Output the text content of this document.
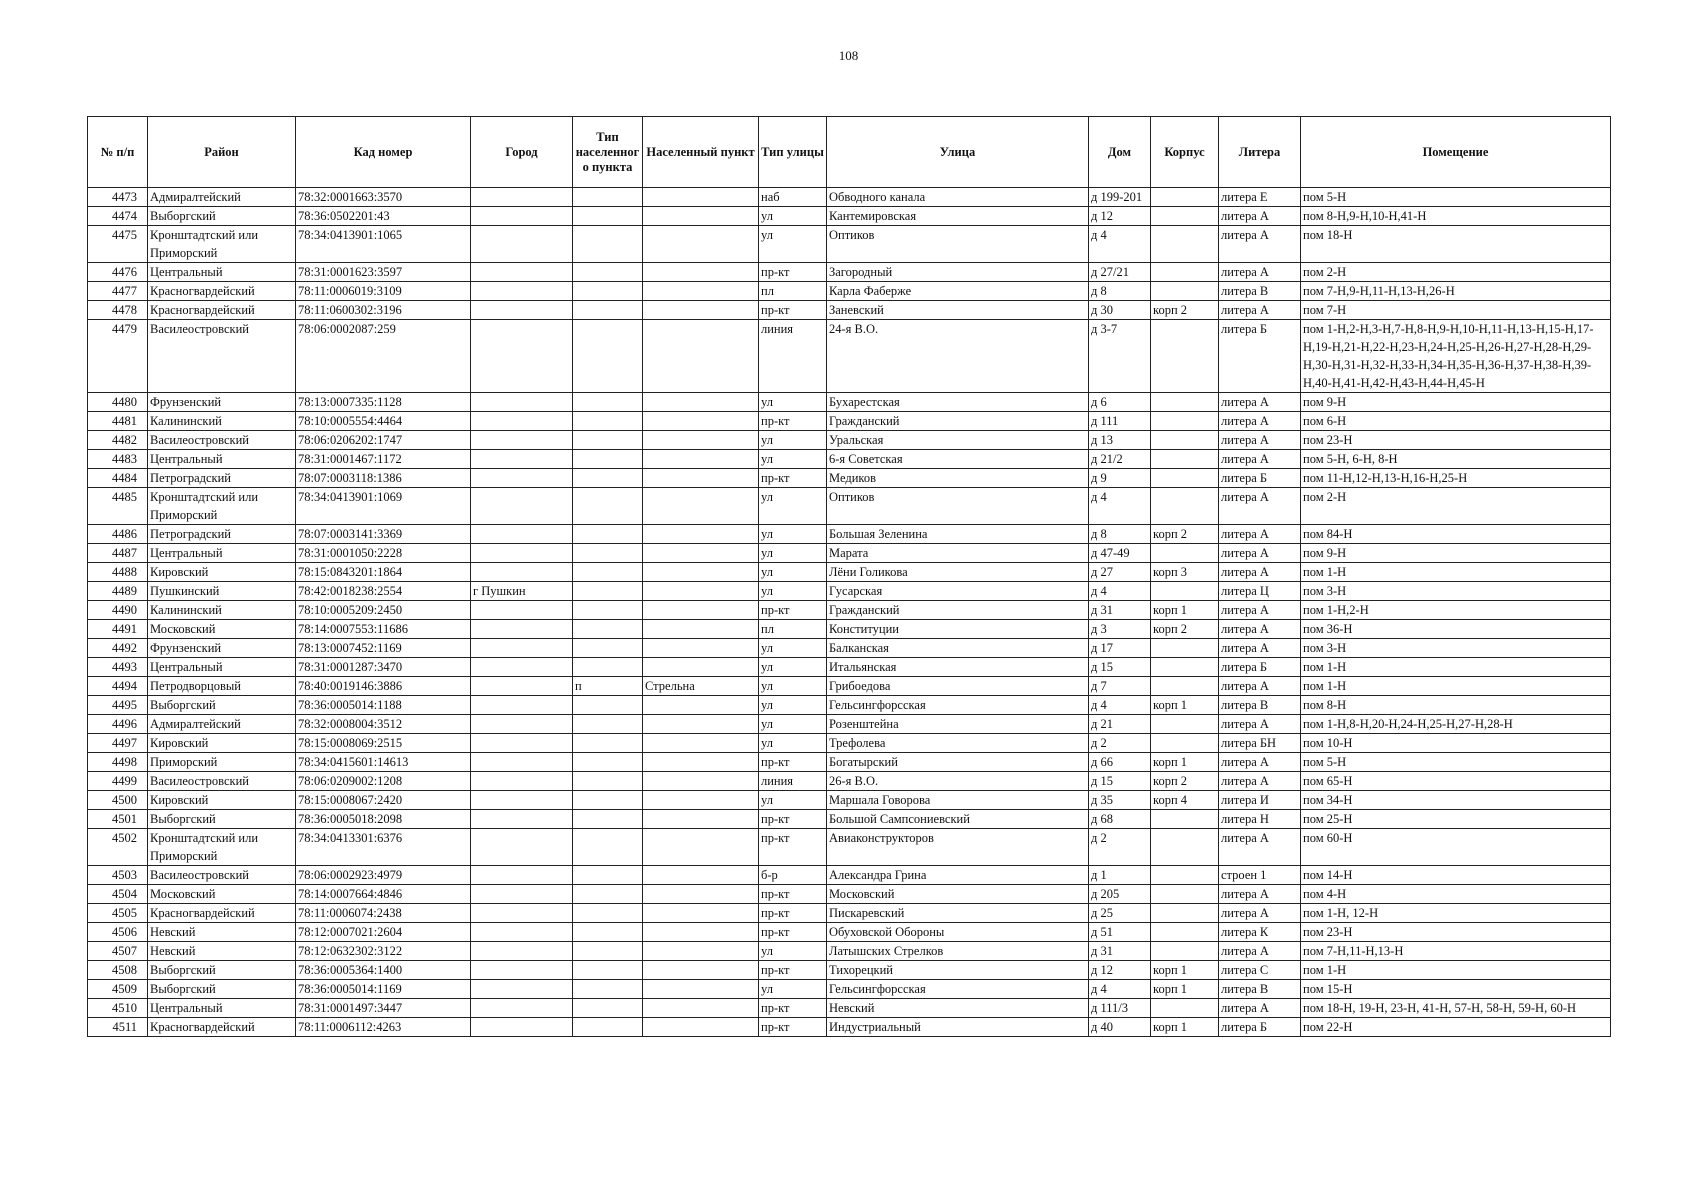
108
№ п/п	Район	Кад номер	Город	Тип населенного пункта	Населенный пункт	Тип улицы	Улица	Дом	Корпус	Литера	Помещение
4473	Адмиралтейский	78:32:0001663:3570				наб	Обводного канала	д 199-201		литера Е	пом 5-Н
4474	Выборгский	78:36:0502201:43				ул	Кантемировская	д 12		литера А	пом 8-Н,9-Н,10-Н,41-Н
4475	Кронштадтский или Приморский	78:34:0413901:1065				ул	Оптиков	д 4		литера А	пом 18-Н
4476	Центральный	78:31:0001623:3597				пр-кт	Загородный	д 27/21		литера А	пом 2-Н
4477	Красногвардейский	78:11:0006019:3109				пл	Карла Фаберже	д 8		литера В	пом 7-Н,9-Н,11-Н,13-Н,26-Н
4478	Красногвардейский	78:11:0600302:3196				пр-кт	Заневский	д 30	корп 2	литера А	пом 7-Н
4479	Василеостровский	78:06:0002087:259				линия	24-я В.О.	д 3-7		литера Б	пом 1-Н,2-Н,3-Н,7-Н,8-Н,9-Н,10-Н,11-Н,13-Н,15-Н,17-Н,19-Н,21-Н,22-Н,23-Н,24-Н,25-Н,26-Н,27-Н,28-Н,29-Н,30-Н,31-Н,32-Н,33-Н,34-Н,35-Н,36-Н,37-Н,38-Н,39-Н,40-Н,41-Н,42-Н,43-Н,44-Н,45-Н
4480	Фрунзенский	78:13:0007335:1128				ул	Бухарестская	д 6		литера А	пом 9-Н
4481	Калининский	78:10:0005554:4464				пр-кт	Гражданский	д 111		литера А	пом 6-Н
4482	Василеостровский	78:06:0206202:1747				ул	Уральская	д 13		литера А	пом 23-Н
4483	Центральный	78:31:0001467:1172				ул	6-я Советская	д 21/2		литера А	пом 5-Н, 6-Н, 8-Н
4484	Петроградский	78:07:0003118:1386				пр-кт	Медиков	д 9		литера Б	пом 11-Н,12-Н,13-Н,16-Н,25-Н
4485	Кронштадтский или Приморский	78:34:0413901:1069				ул	Оптиков	д 4		литера А	пом 2-Н
4486	Петроградский	78:07:0003141:3369				ул	Большая Зеленина	д 8	корп 2	литера А	пом 84-Н
4487	Центральный	78:31:0001050:2228				ул	Марата	д 47-49		литера А	пом 9-Н
4488	Кировский	78:15:0843201:1864				ул	Лёни Голикова	д 27	корп 3	литера А	пом 1-Н
4489	Пушкинский	78:42:0018238:2554	г Пушкин			ул	Гусарская	д 4		литера Ц	пом 3-Н
4490	Калининский	78:10:0005209:2450				пр-кт	Гражданский	д 31	корп 1	литера А	пом 1-Н,2-Н
4491	Московский	78:14:0007553:11686				пл	Конституции	д 3	корп 2	литера А	пом 36-Н
4492	Фрунзенский	78:13:0007452:1169				ул	Балканская	д 17		литера А	пом 3-Н
4493	Центральный	78:31:0001287:3470				ул	Итальянская	д 15		литера Б	пом 1-Н
4494	Петродворцовый	78:40:0019146:3886		п	Стрельна	ул	Грибоедова	д 7		литера А	пом 1-Н
4495	Выборгский	78:36:0005014:1188				ул	Гельсингфорсская	д 4	корп 1	литера В	пом 8-Н
4496	Адмиралтейский	78:32:0008004:3512				ул	Розенштейна	д 21		литера А	пом 1-Н,8-Н,20-Н,24-Н,25-Н,27-Н,28-Н
4497	Кировский	78:15:0008069:2515				ул	Трефолева	д 2		литера БН	пом 10-Н
4498	Приморский	78:34:0415601:14613				пр-кт	Богатырский	д 66	корп 1	литера А	пом 5-Н
4499	Василеостровский	78:06:0209002:1208				линия	26-я В.О.	д 15	корп 2	литера А	пом 65-Н
4500	Кировский	78:15:0008067:2420				ул	Маршала Говорова	д 35	корп 4	литера И	пом 34-Н
4501	Выборгский	78:36:0005018:2098				пр-кт	Большой Сампсониевский	д 68		литера Н	пом 25-Н
4502	Кронштадтский или Приморский	78:34:0413301:6376				пр-кт	Авиаконструкторов	д 2		литера А	пом 60-Н
4503	Василеостровский	78:06:0002923:4979				б-р	Александра Грина	д 1		строен 1	пом 14-Н
4504	Московский	78:14:0007664:4846				пр-кт	Московский	д 205		литера А	пом 4-Н
4505	Красногвардейский	78:11:0006074:2438				пр-кт	Пискаревский	д 25		литера А	пом 1-Н, 12-Н
4506	Невский	78:12:0007021:2604				пр-кт	Обуховской Обороны	д 51		литера К	пом 23-Н
4507	Невский	78:12:0632302:3122				ул	Латышских Стрелков	д 31		литера А	пом 7-Н,11-Н,13-Н
4508	Выборгский	78:36:0005364:1400				пр-кт	Тихорецкий	д 12	корп 1	литера С	пом 1-Н
4509	Выборгский	78:36:0005014:1169				ул	Гельсингфорсская	д 4	корп 1	литера В	пом 15-Н
4510	Центральный	78:31:0001497:3447				пр-кт	Невский	д 111/3		литера А	пом 18-Н, 19-Н, 23-Н, 41-Н, 57-Н, 58-Н, 59-Н, 60-Н
4511	Красногвардейский	78:11:0006112:4263				пр-кт	Индустриальный	д 40	корп 1	литера Б	пом 22-Н
